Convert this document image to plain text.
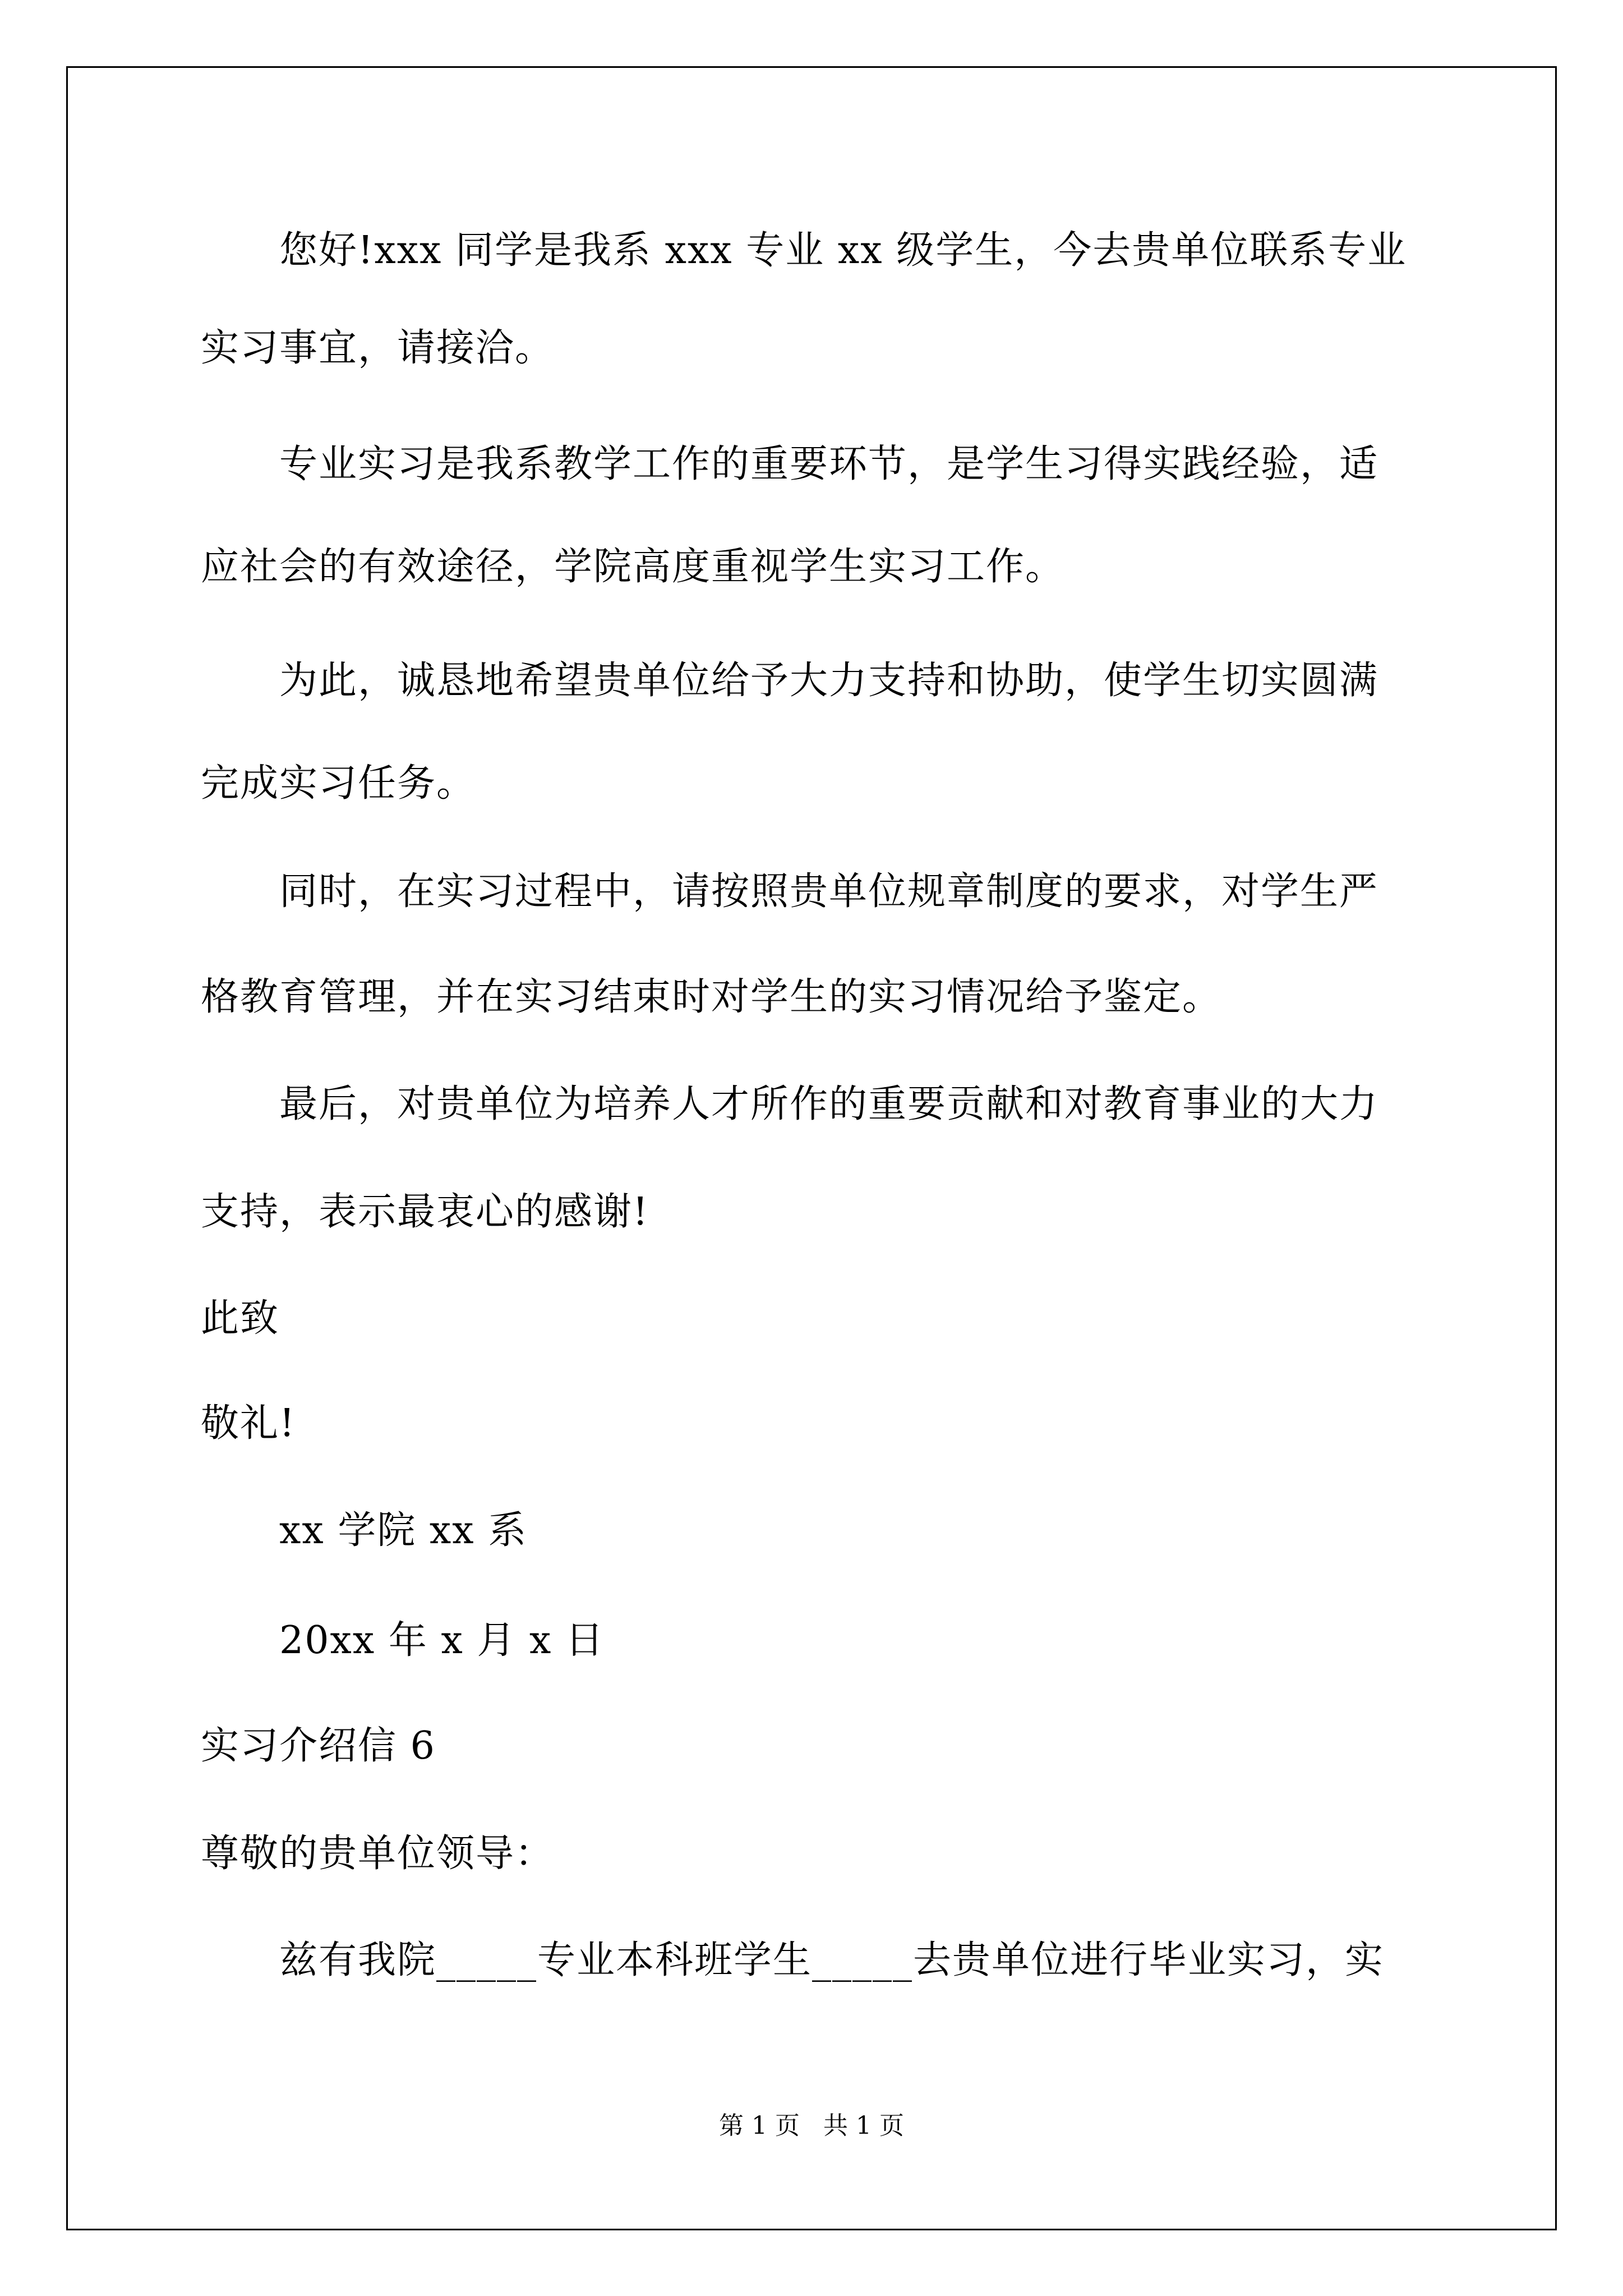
您好!xxx 同学是我系 xxx 专业 xx 级学生，今去贵单位联系专业

实习事宜，请接洽。

专业实习是我系教学工作的重要环节，是学生习得实践经验，适

应社会的有效途径，学院高度重视学生实习工作。

为此，诚恳地希望贵单位给予大力支持和协助，使学生切实圆满

完成实习任务。

同时，在实习过程中，请按照贵单位规章制度的要求，对学生严

格教育管理，并在实习结束时对学生的实习情况给予鉴定。

最后，对贵单位为培养人才所作的重要贡献和对教育事业的大力

支持，表示最衷心的感谢!

此致

敬礼!

xx 学院 xx 系

20xx 年 x 月 x 日

实习介绍信 6

尊敬的贵单位领导：

兹有我院_____专业本科班学生_____去贵单位进行毕业实习，实

第 1 页   共 1 页
